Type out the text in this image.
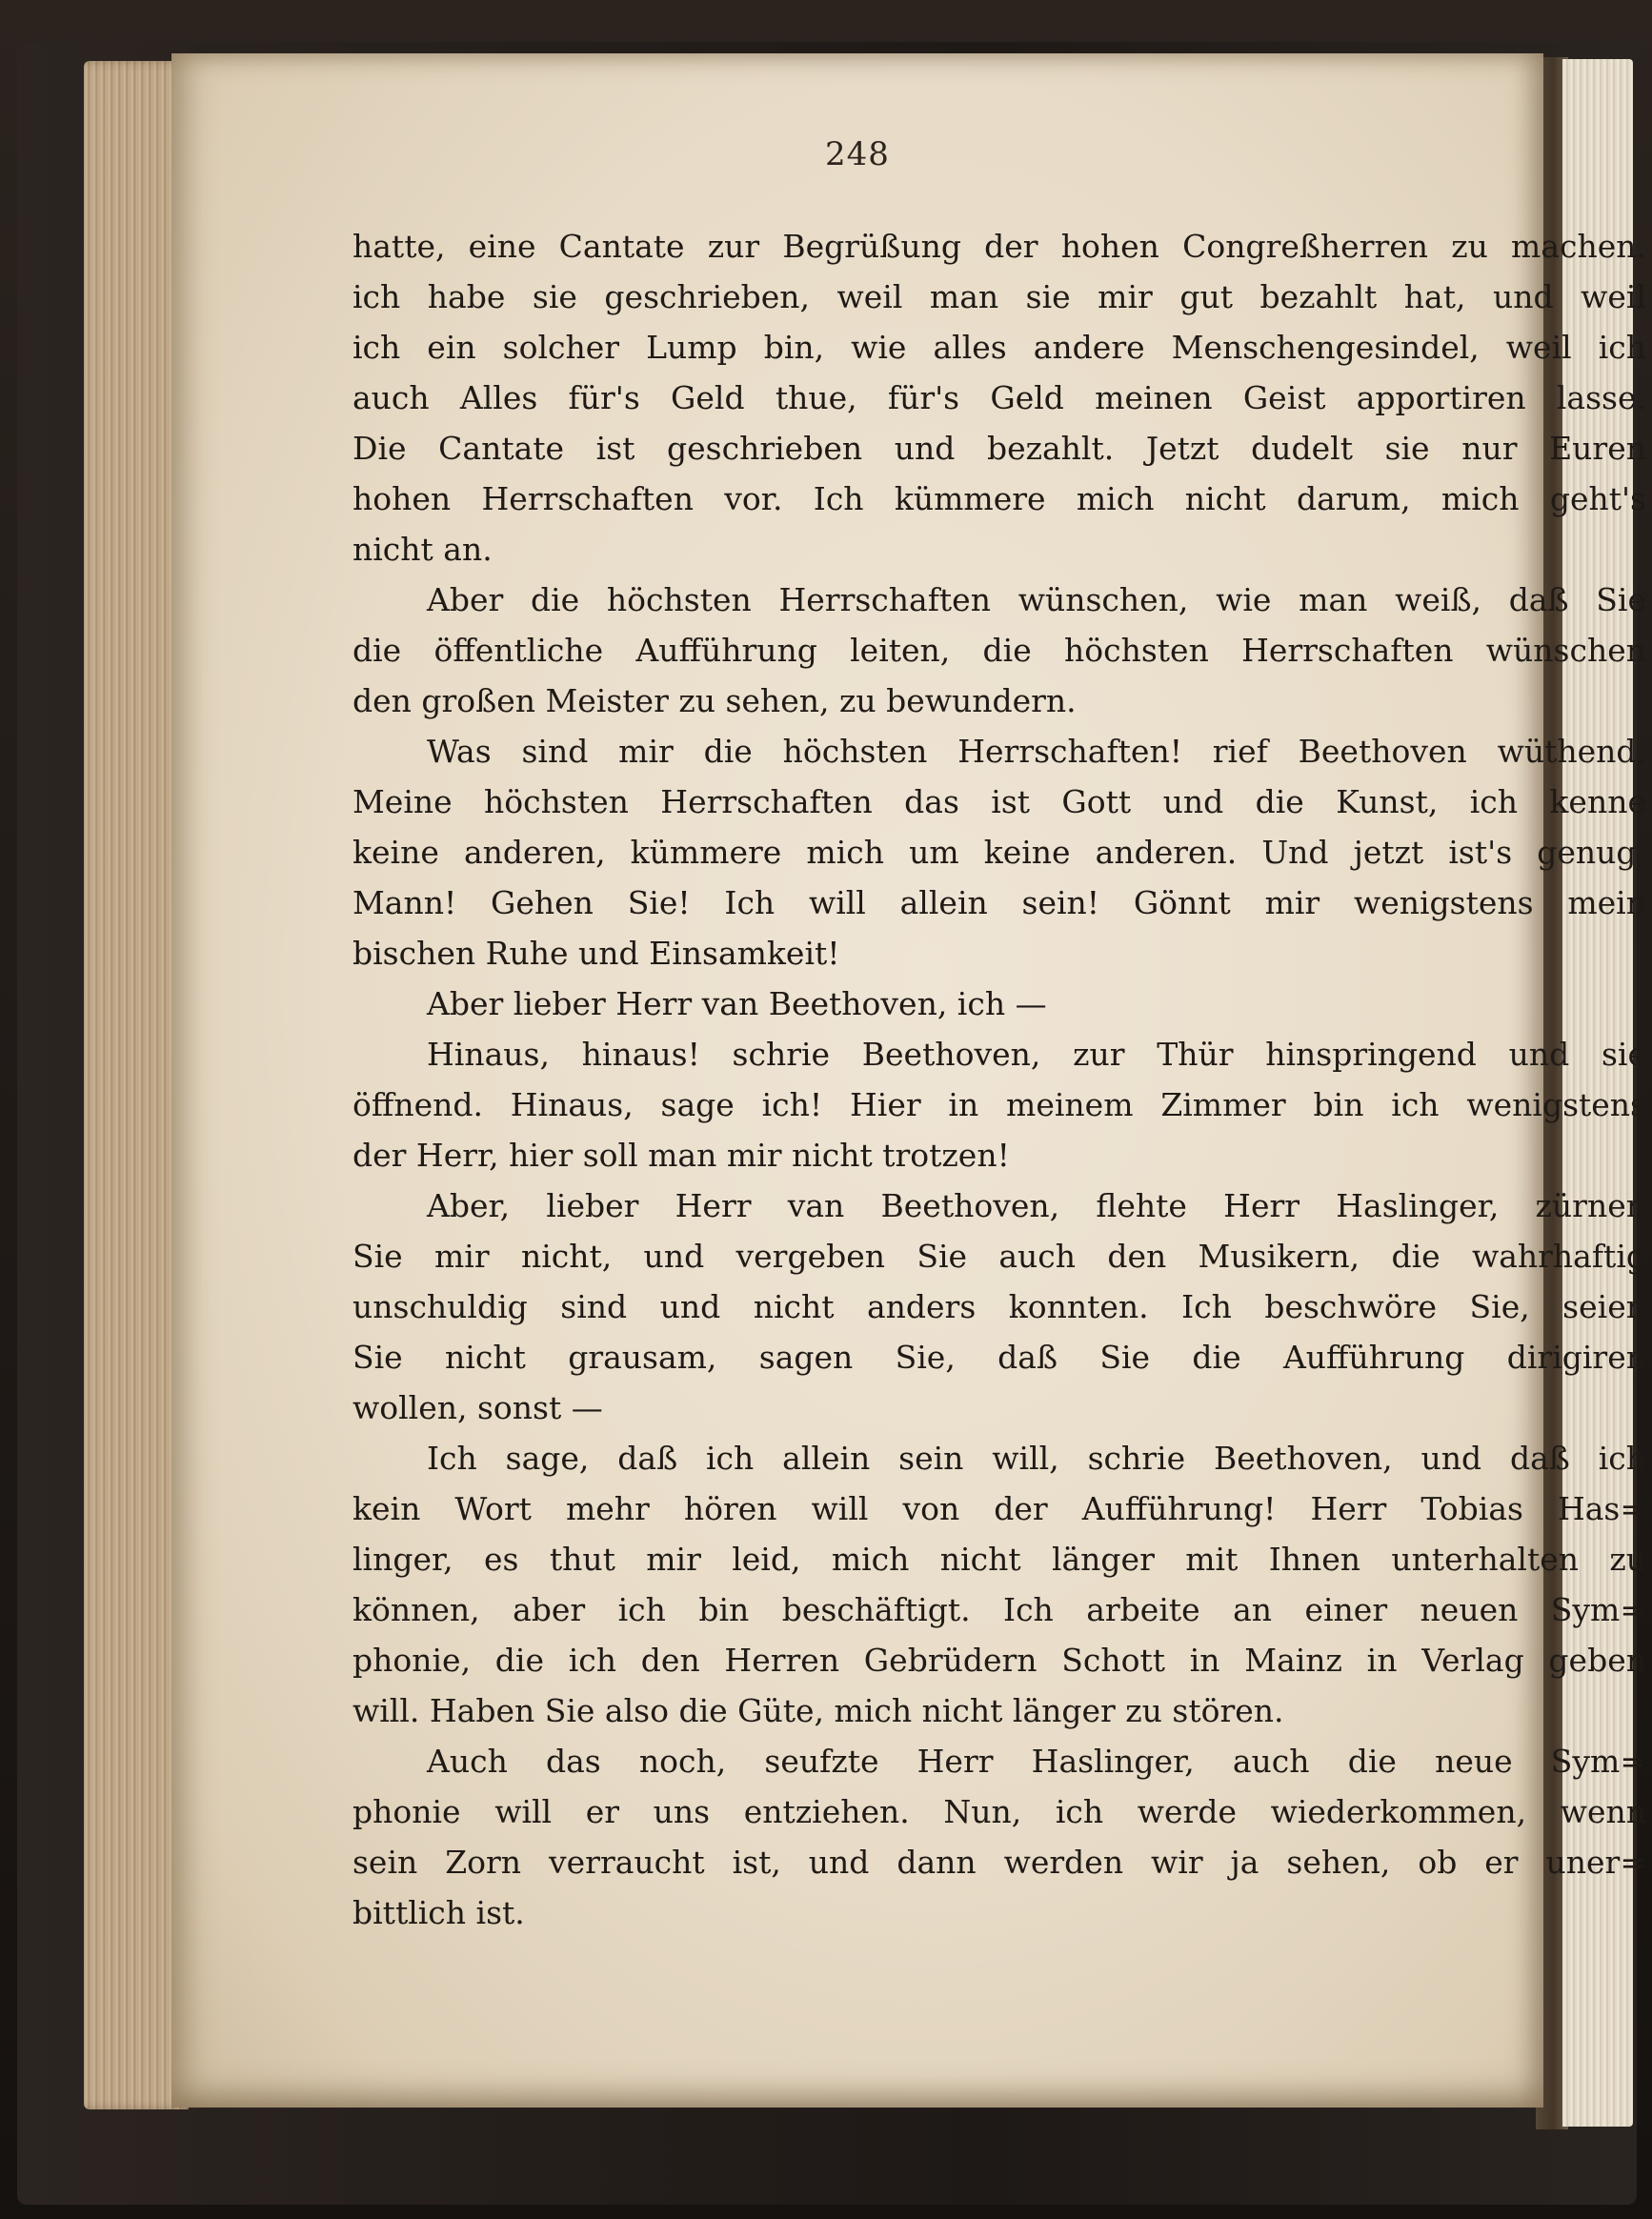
248
hatte, eine Cantate zur Begrüßung der hohen Congreßherren zu machen.
ich habe sie geschrieben, weil man sie mir gut bezahlt hat, und weil
ich ein solcher Lump bin, wie alles andere Menschengesindel, weil ich
auch Alles für's Geld thue, für's Geld meinen Geist apportiren lasse.
Die Cantate ist geschrieben und bezahlt. Jetzt dudelt sie nur Euren
hohen Herrschaften vor. Ich kümmere mich nicht darum, mich geht's
nicht an.
Aber die höchsten Herrschaften wünschen, wie man weiß, daß Sie
die öffentliche Aufführung leiten, die höchsten Herrschaften wünschen
den großen Meister zu sehen, zu bewundern.
Was sind mir die höchsten Herrschaften! rief Beethoven wüthend.
Meine höchsten Herrschaften das ist Gott und die Kunst, ich kenne
keine anderen, kümmere mich um keine anderen. Und jetzt ist's genug,
Mann! Gehen Sie! Ich will allein sein! Gönnt mir wenigstens mein
bischen Ruhe und Einsamkeit!
Aber lieber Herr van Beethoven, ich —
Hinaus, hinaus! schrie Beethoven, zur Thür hinspringend und sie
öffnend. Hinaus, sage ich! Hier in meinem Zimmer bin ich wenigstens
der Herr, hier soll man mir nicht trotzen!
Aber, lieber Herr van Beethoven, flehte Herr Haslinger, zürnen
Sie mir nicht, und vergeben Sie auch den Musikern, die wahrhaftig
unschuldig sind und nicht anders konnten. Ich beschwöre Sie, seien
Sie nicht grausam, sagen Sie, daß Sie die Aufführung dirigiren
wollen, sonst —
Ich sage, daß ich allein sein will, schrie Beethoven, und daß ich
kein Wort mehr hören will von der Aufführung! Herr Tobias Has=
linger, es thut mir leid, mich nicht länger mit Ihnen unterhalten zu
können, aber ich bin beschäftigt. Ich arbeite an einer neuen Sym=
phonie, die ich den Herren Gebrüdern Schott in Mainz in Verlag geben
will. Haben Sie also die Güte, mich nicht länger zu stören.
Auch das noch, seufzte Herr Haslinger, auch die neue Sym=
phonie will er uns entziehen. Nun, ich werde wiederkommen, wenn
sein Zorn verraucht ist, und dann werden wir ja sehen, ob er uner=
bittlich ist.
